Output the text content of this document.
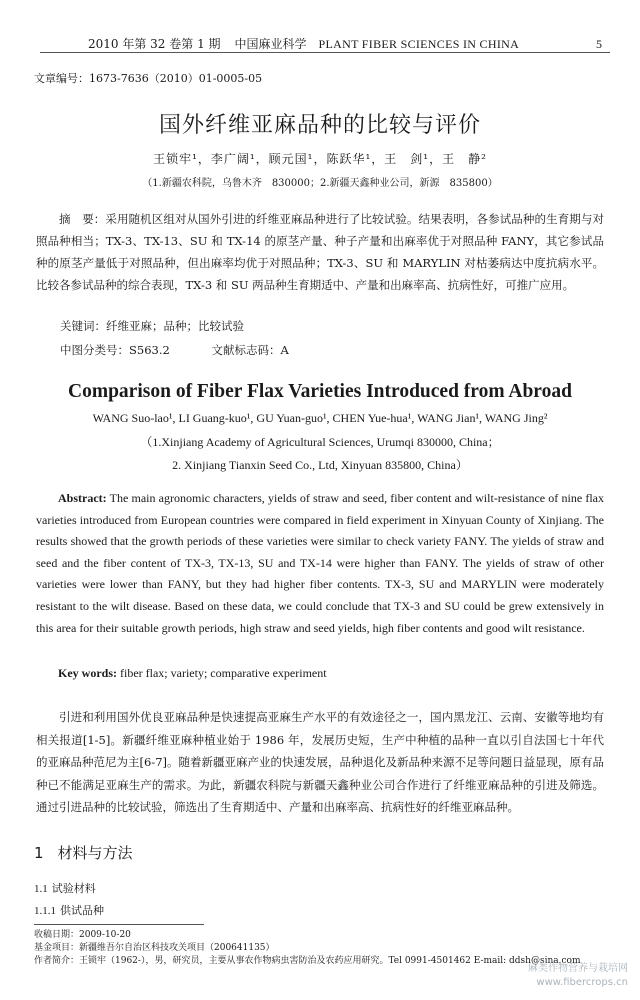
2010 年第 32 卷第 1 期 中国麻业科学 PLANT FIBER SCIENCES IN CHINA	5
文章编号：1673-7636（2010）01-0005-05
国外纤维亚麻品种的比较与评价
王锁牢¹，李广阔¹，顾元国¹，陈跃华¹，王　剑¹，王　静²
（1.新疆农科院，乌鲁木齐　830000；2.新疆天鑫种业公司，新源　835800）
摘　要：采用随机区组对从国外引进的纤维亚麻品种进行了比较试验。结果表明，各参试品种的生育期与对照品种相当；TX-3、TX-13、SU 和 TX-14 的原茎产量、种子产量和出麻率优于对照品种 FANY，其它参试品种的原茎产量低于对照品种，但出麻率均优于对照品种；TX-3、SU 和 MARYLIN 对枯萎病达中度抗病水平。比较各参试品种的综合表现，TX-3 和 SU 两品种生育期适中、产量和出麻率高、抗病性好，可推广应用。
关键词：纤维亚麻；品种；比较试验
中图分类号：S563.2	文献标志码：A
Comparison of Fiber Flax Varieties Introduced from Abroad
WANG Suo-lao¹, LI Guang-kuo¹, GU Yuan-guo¹, CHEN Yue-hua¹, WANG Jian¹, WANG Jing²
（1.Xinjiang Academy of Agricultural Sciences, Urumqi 830000, China；
2. Xinjiang Tianxin Seed Co., Ltd, Xinyuan 835800, China）
Abstract: The main agronomic characters, yields of straw and seed, fiber content and wilt-resistance of nine flax varieties introduced from European countries were compared in field experiment in Xinyuan County of Xinjiang. The results showed that the growth periods of these varieties were similar to check variety FANY. The yields of straw and seed and the fiber content of TX-3, TX-13, SU and TX-14 were higher than FANY. The yields of straw of other varieties were lower than FANY, but they had higher fiber contents. TX-3, SU and MARYLIN were moderately resistant to the wilt disease. Based on these data, we could conclude that TX-3 and SU could be grew extensively in this area for their suitable growth periods, high straw and seed yields, high fiber contents and good wilt resistance.
Key words: fiber flax; variety; comparative experiment
引进和利用国外优良亚麻品种是快速提高亚麻生产水平的有效途径之一，国内黑龙江、云南、安徽等地均有相关报道[1-5]。新疆纤维亚麻种植业始于 1986 年，发展历史短，生产中种植的品种一直以引自法国七十年代的亚麻品种范尼为主[6-7]。随着新疆亚麻产业的快速发展，品种退化及新品种来源不足等问题日益显现，原有品种已不能满足亚麻生产的需求。为此，新疆农科院与新疆天鑫种业公司合作进行了纤维亚麻品种的引进及筛选。通过引进品种的比较试验，筛选出了生育期适中、产量和出麻率高、抗病性好的纤维亚麻品种。
1 材料与方法
1.1 试验材料
1.1.1 供试品种
收稿日期：2009-10-20
基金项目：新疆维吾尔自治区科技攻关项目（200641135）
作者简介：王锁牢（1962-），男，研究员，主要从事农作物病虫害防治及农药应用研究。Tel 0991-4501462 E-mail: ddsh@sina.com
麻类作物营养与栽培网
www.fibercrops.cn
